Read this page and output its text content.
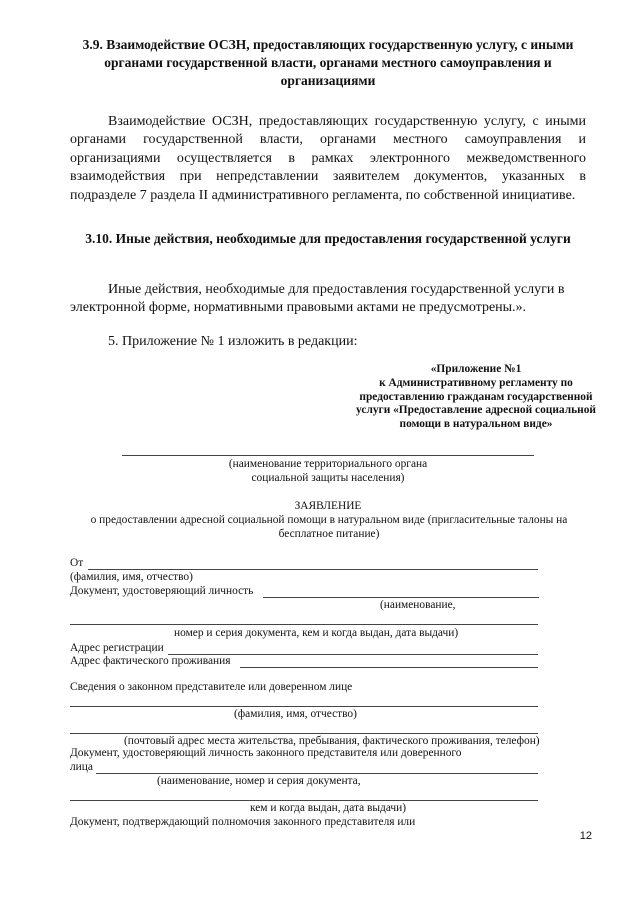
3.9. Взаимодействие ОСЗН, предоставляющих государственную услугу, с иными органами государственной власти, органами местного самоуправления и организациями

Взаимодействие ОСЗН, предоставляющих государственную услугу, с иными органами государственной власти, органами местного самоуправления и организациями осуществляется в рамках электронного межведомственного взаимодействия при непредставлении заявителем документов, указанных в подразделе 7 раздела II административного регламента, по собственной инициативе.

3.10. Иные действия, необходимые для предоставления государственной услуги

Иные действия, необходимые для предоставления государственной услуги в электронной форме, нормативными правовыми актами не предусмотрены.».

5. Приложение № 1 изложить в редакции:

«Приложение №1

к Административному регламенту по предоставлению гражданам государственной услуги «Предоставление адресной социальной помощи в натуральном виде»

(наименование территориального органа социальной защиты населения)

ЗАЯВЛЕНИЕ

о предоставлении адресной социальной помощи в натуральном виде (пригласительные талоны на бесплатное питание)

От
(фамилия, имя, отчество)
Документ, удостоверяющий личность
(наименование,
номер и серия документа, кем и когда выдан, дата выдачи)
Адрес регистрации
Адрес фактического проживания
Сведения о законном представителе или доверенном лице
(фамилия, имя, отчество)
(почтовый адрес места жительства, пребывания, фактического проживания, телефон)
Документ, удостоверяющий личность законного представителя или доверенного
лица
(наименование, номер и серия документа,
кем и когда выдан, дата выдачи)
Документ, подтверждающий полномочия законного представителя или
12
